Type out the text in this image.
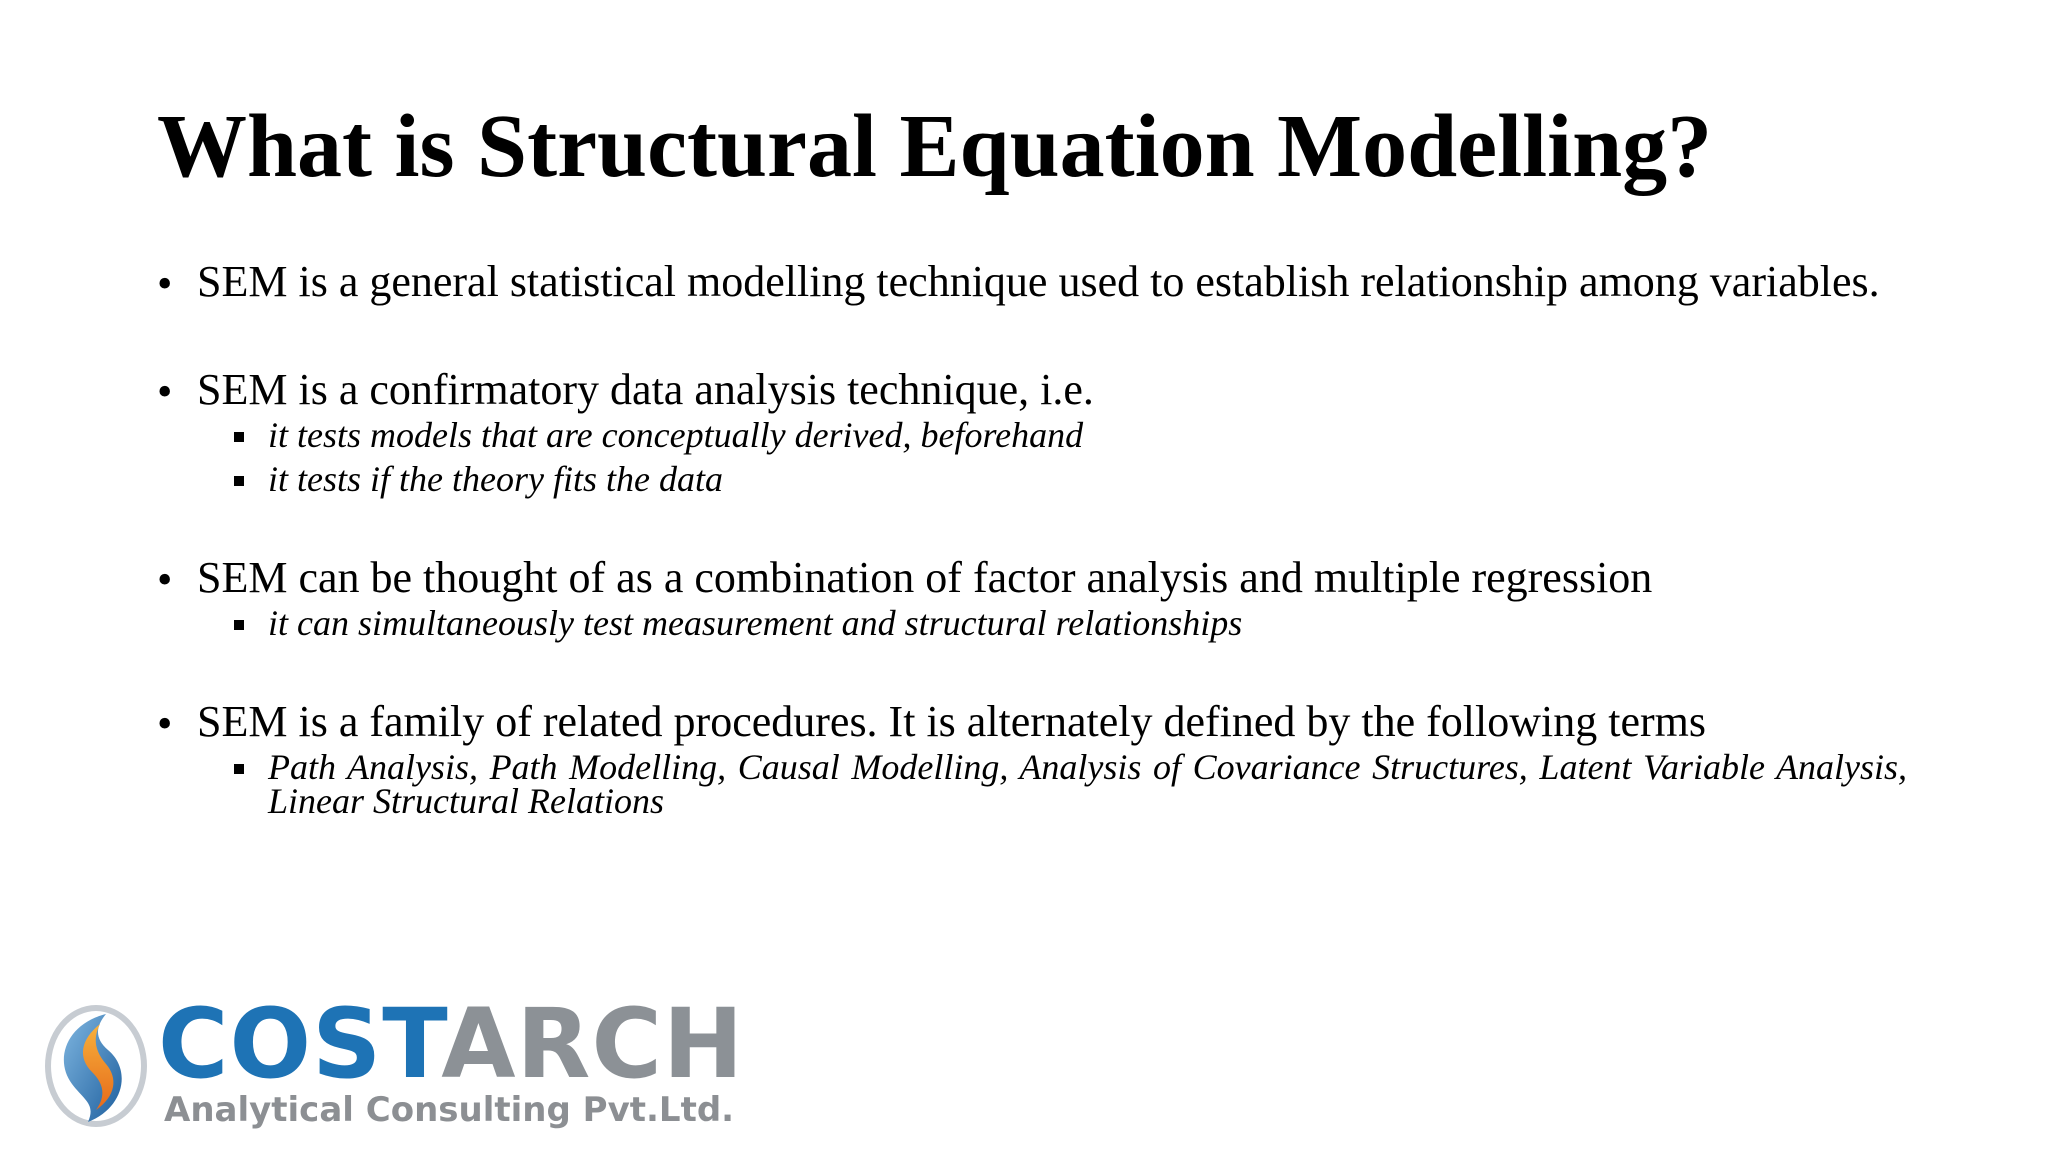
What is Structural Equation Modelling?
• SEM is a general statistical modelling technique used to establish relationship among variables.
• SEM is a confirmatory data analysis technique, i.e.
it tests models that are conceptually derived, beforehand
it tests if the theory fits the data
• SEM can be thought of as a combination of factor analysis and multiple regression
it can simultaneously test measurement and structural relationships
• SEM is a family of related procedures. It is alternately defined by the following terms
Path Analysis, Path Modelling, Causal Modelling, Analysis of Covariance Structures, Latent Variable Analysis, Linear Structural Relations
COSTARCH
Analytical Consulting Pvt.Ltd.
